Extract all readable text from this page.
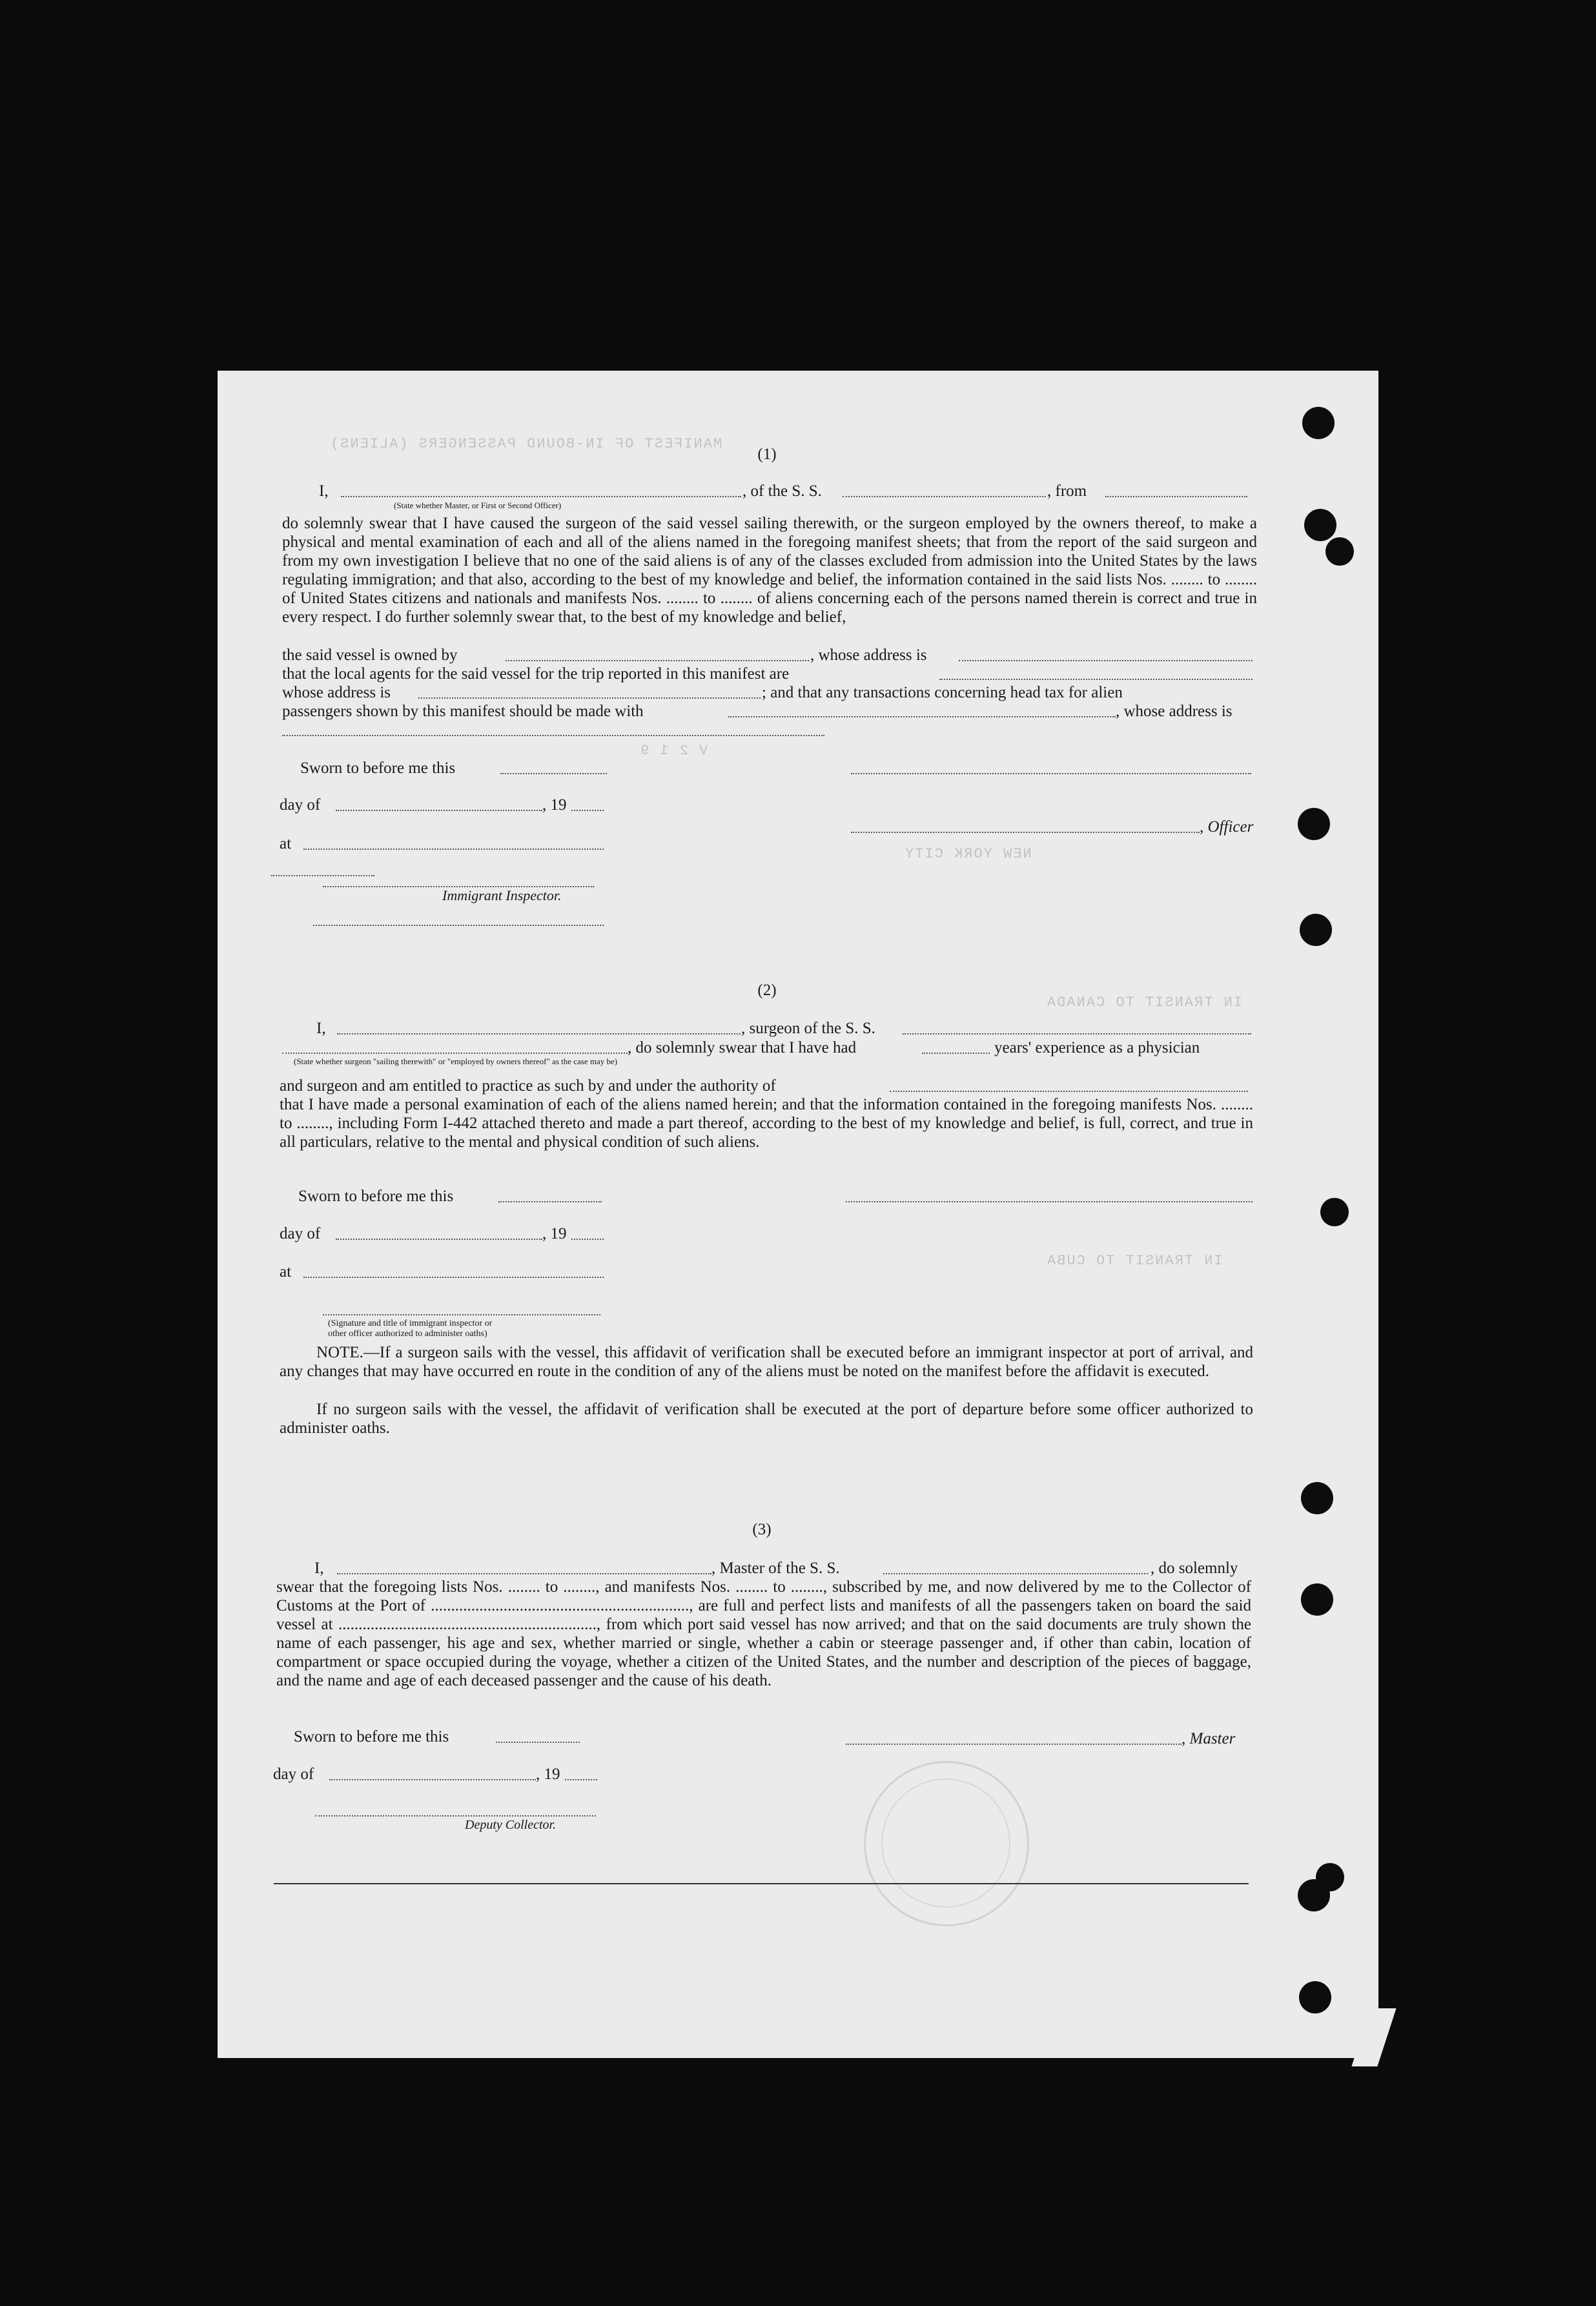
MANIFEST OF IN-BOUND PASSENGERS (ALIENS)
V 2 1 9
NEW YORK CITY
IN TRANSIT TO CANADA
IN TRANSIT TO CUBA
(1)
I,	, of the S. S.	, from
(State whether Master, or First or Second Officer)
do solemnly swear that I have caused the surgeon of the said vessel sailing therewith, or the surgeon employed by the owners thereof, to make a physical and mental examination of each and all of the aliens named in the foregoing manifest sheets; that from the report of the said surgeon and from my own investigation I believe that no one of the said aliens is of any of the classes excluded from admission into the United States by the laws regulating immigration; and that also, according to the best of my knowledge and belief, the information contained in the said lists Nos. ........ to ........ of United States citizens and nationals and manifests Nos. ........ to ........ of aliens concerning each of the persons named therein is correct and true in every respect. I do further solemnly swear that, to the best of my knowledge and belief,
the said vessel is owned by	, whose address is
that the local agents for the said vessel for the trip reported in this manifest are
whose address is	; and that any transactions concerning head tax for alien
passengers shown by this manifest should be made with	, whose address is
Sworn to before me this
day of	, 19
, Officer
at
Immigrant Inspector.
(2)
I,	, surgeon of the S. S.
, do solemnly swear that I have had	years' experience as a physician
(State whether surgeon "sailing therewith" or "employed by owners thereof" as the case may be)
and surgeon and am entitled to practice as such by and under the authority of
that I have made a personal examination of each of the aliens named herein; and that the information contained in the foregoing manifests Nos. ........ to ........, including Form I-442 attached thereto and made a part thereof, according to the best of my knowledge and belief, is full, correct, and true in all particulars, relative to the mental and physical condition of such aliens.
Sworn to before me this
day of	, 19
at
(Signature and title of immigrant inspector or
other officer authorized to administer oaths)
NOTE.—If a surgeon sails with the vessel, this affidavit of verification shall be executed before an immigrant inspector at port of arrival, and any changes that may have occurred en route in the condition of any of the aliens must be noted on the manifest before the affidavit is executed.
If no surgeon sails with the vessel, the affidavit of verification shall be executed at the port of departure before some officer authorized to administer oaths.
(3)
I,	, Master of the S. S.	, do solemnly
swear that the foregoing lists Nos. ........ to ........, and manifests Nos. ........ to ........, subscribed by me, and now delivered by me to the Collector of Customs at the Port of ................................................................, are full and perfect lists and manifests of all the passengers taken on board the said vessel at ................................................................, from which port said vessel has now arrived; and that on the said documents are truly shown the name of each passenger, his age and sex, whether married or single, whether a cabin or steerage passenger and, if other than cabin, location of compartment or space occupied during the voyage, whether a citizen of the United States, and the number and description of the pieces of baggage, and the name and age of each deceased passenger and the cause of his death.
Sworn to before me this	, Master
day of	, 19
Deputy Collector.
